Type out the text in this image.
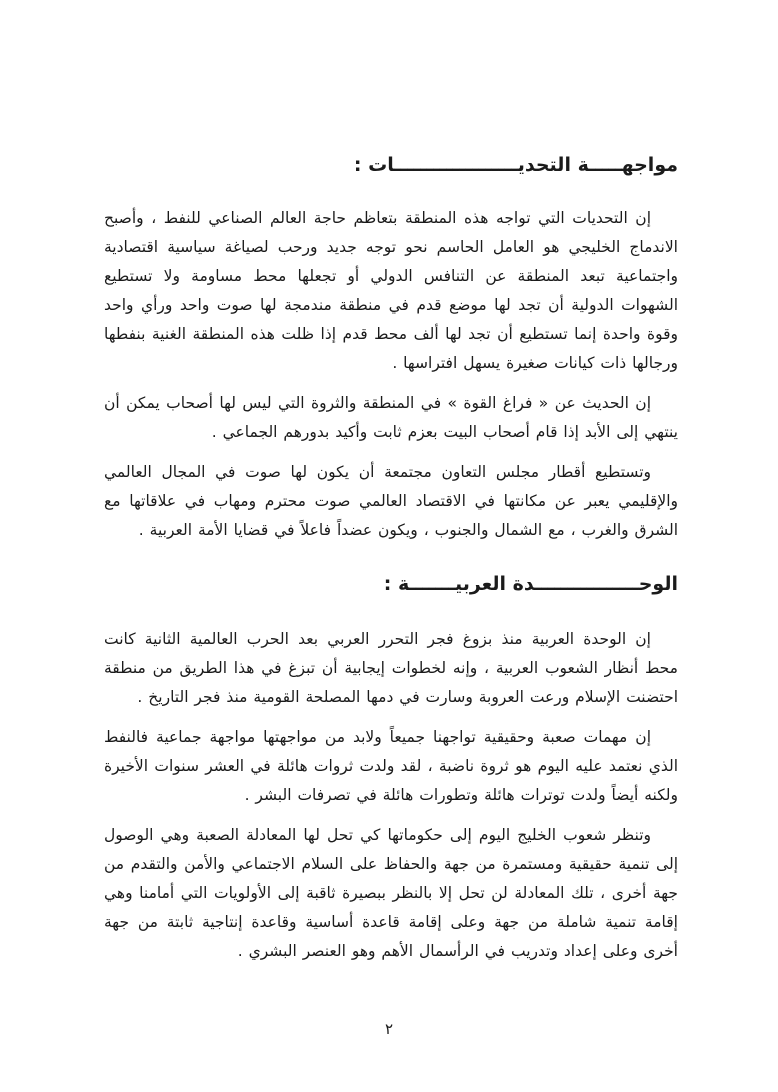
مواجهـــــة التحديـــــــــــــــــــات :

إن التحديات التي تواجه هذه المنطقة بتعاظم حاجة العالم الصناعي للنفط ، وأصبح الاندماج الخليجي هو العامل الحاسم نحو توجه جديد ورحب لصياغة سياسية اقتصادية واجتماعية تبعد المنطقة عن التنافس الدولي أو تجعلها محط مساومة ولا تستطيع الشهوات الدولية أن تجد لها موضع قدم في منطقة مندمجة لها صوت واحد ورأي واحد وقوة واحدة إنما تستطيع أن تجد لها ألف محط قدم إذا ظلت هذه المنطقة الغنية بنفطها ورجالها ذات كيانات صغيرة يسهل افتراسها .

إن الحديث عن « فراغ القوة » في المنطقة والثروة التي ليس لها أصحاب يمكن أن ينتهي إلى الأبد إذا قام أصحاب البيت بعزم ثابت وأكيد بدورهم الجماعي .

وتستطيع أقطار مجلس التعاون مجتمعة أن يكون لها صوت في المجال العالمي والإقليمي يعبر عن مكانتها في الاقتصاد العالمي صوت محترم ومهاب في علاقاتها مع الشرق والغرب ، مع الشمال والجنوب ، ويكون عضداً فاعلاً في قضايا الأمة العربية .

الوحــــــــــــــــدة العربيـــــــة :

إن الوحدة العربية منذ بزوغ فجر التحرر العربي بعد الحرب العالمية الثانية كانت محط أنظار الشعوب العربية ، وإنه لخطوات إيجابية أن تبزغ في هذا الطريق من منطقة احتضنت الإسلام ورعت العروبة وسارت في دمها المصلحة القومية منذ فجر التاريخ .

إن مهمات صعبة وحقيقية تواجهنا جميعاً ولابد من مواجهتها مواجهة جماعية فالنفط الذي نعتمد عليه اليوم هو ثروة ناضبة ، لقد ولدت ثروات هائلة في العشر سنوات الأخيرة ولكنه أيضاً ولدت توترات هائلة وتطورات هائلة في تصرفات البشر .

وتنظر شعوب الخليج اليوم إلى حكوماتها كي تحل لها المعادلة الصعبة وهي الوصول إلى تنمية حقيقية ومستمرة من جهة والحفاظ على السلام الاجتماعي والأمن والتقدم من جهة أخرى ، تلك المعادلة لن تحل إلا بالنظر ببصيرة ثاقبة إلى الأولويات التي أمامنا وهي إقامة تنمية شاملة من جهة وعلى إقامة قاعدة أساسية وقاعدة إنتاجية ثابتة من جهة أخرى وعلى إعداد وتدريب في الرأسمال الأهم وهو العنصر البشري .

٢
